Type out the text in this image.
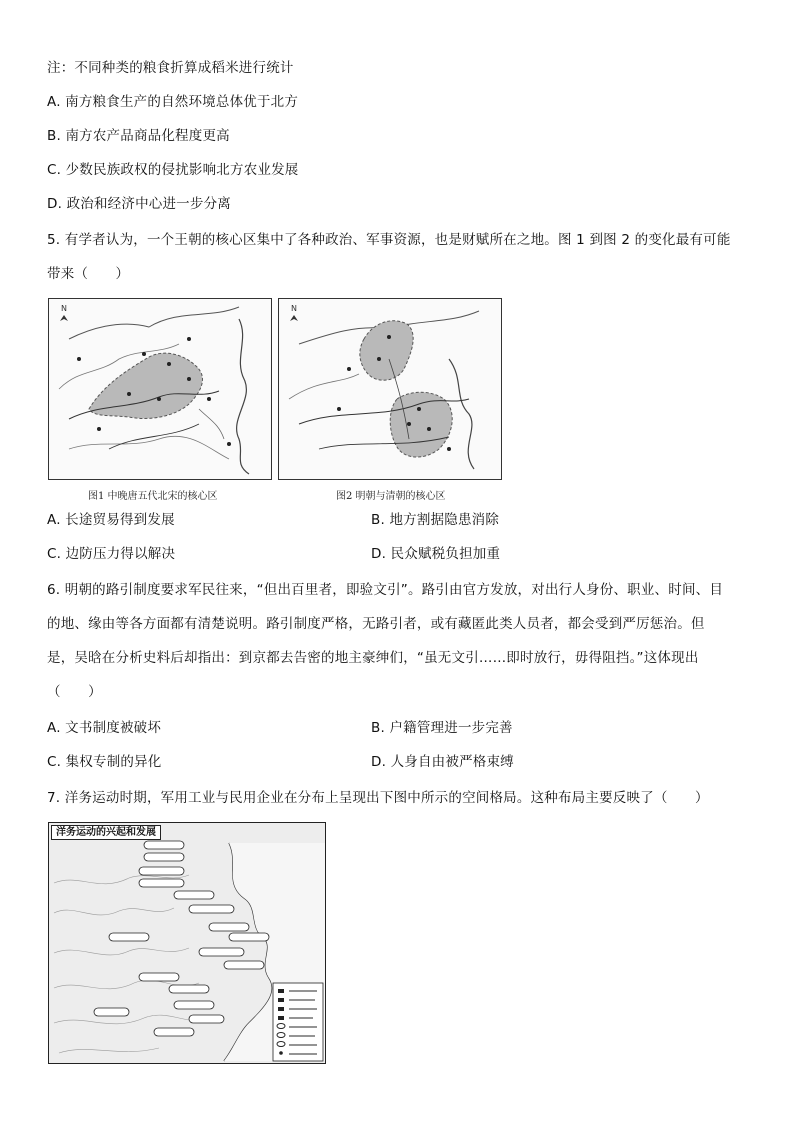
注：不同种类的粮食折算成稻米进行统计
A. 南方粮食生产的自然环境总体优于北方
B. 南方农产品商品化程度更高
C. 少数民族政权的侵扰影响北方农业发展
D. 政治和经济中心进一步分离
5. 有学者认为，一个王朝的核心区集中了各种政治、军事资源，也是财赋所在之地。图 1 到图 2 的变化最有可能
带来（　　）
N	N
图1 中晚唐五代北宋的核心区	图2 明朝与清朝的核心区
A. 长途贸易得到发展	B. 地方割据隐患消除
C. 边防压力得以解决	D. 民众赋税负担加重
6. 明朝的路引制度要求军民往来，“但出百里者，即验文引”。路引由官方发放，对出行人身份、职业、时间、目
的地、缘由等各方面都有清楚说明。路引制度严格，无路引者，或有藏匿此类人员者，都会受到严厉惩治。但
是，吴晗在分析史料后却指出：到京都去告密的地主豪绅们，“虽无文引……即时放行，毋得阻挡。”这体现出
（　　）
A. 文书制度被破坏	B. 户籍管理进一步完善
C. 集权专制的异化	D. 人身自由被严格束缚
7. 洋务运动时期，军用工业与民用企业在分布上呈现出下图中所示的空间格局。这种布局主要反映了（　　）
洋务运动的兴起和发展
